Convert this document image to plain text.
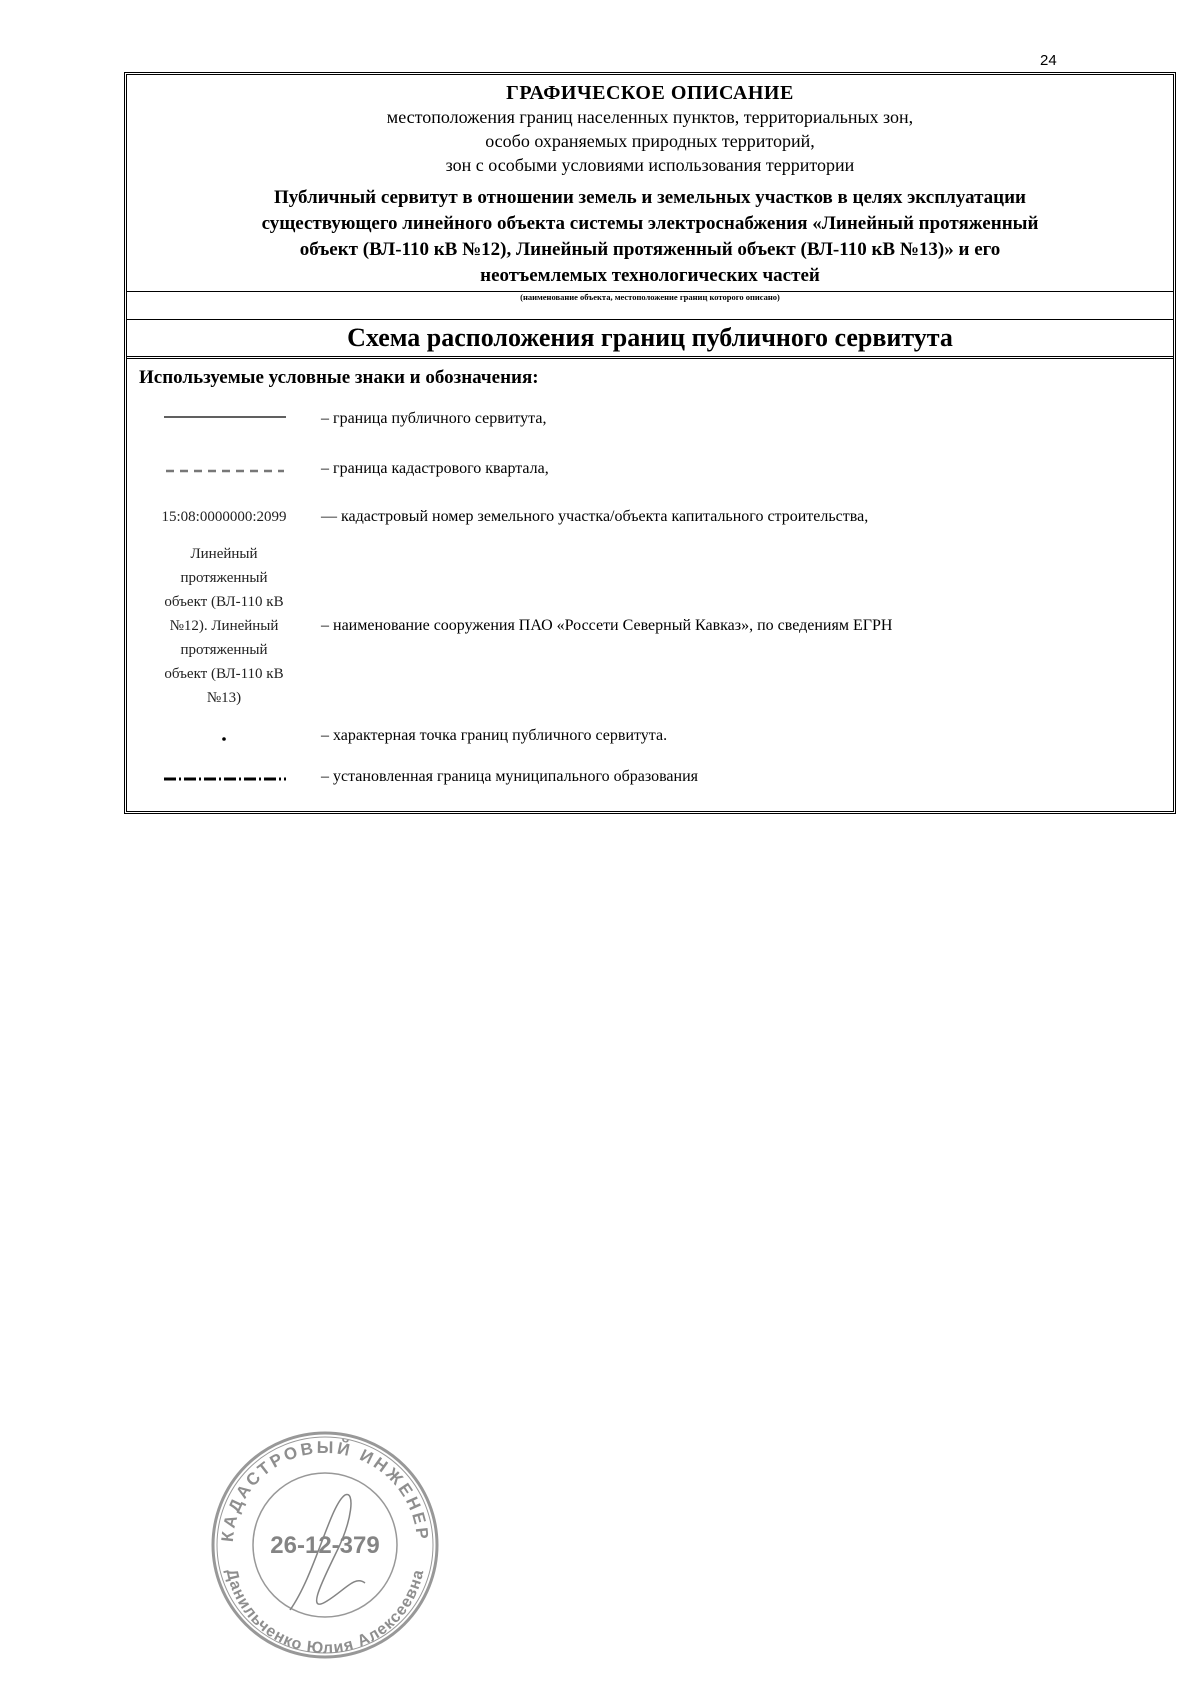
24
ГРАФИЧЕСКОЕ ОПИСАНИЕ
местоположения границ населенных пунктов, территориальных зон,
особо охраняемых природных территорий,
зон с особыми условиями использования территории
Публичный сервитут в отношении земель и земельных участков в целях эксплуатации
существующего линейного объекта системы электроснабжения «Линейный протяженный
объект (ВЛ-110 кВ №12), Линейный протяженный объект (ВЛ-110 кВ №13)» и его
неотъемлемых технологических частей
(наименование объекта, местоположение границ которого описано)
Схема расположения границ публичного сервитута
Используемые условные знаки и обозначения:
– граница публичного сервитута,
– граница кадастрового квартала,
15:08:0000000:2099	— кадастровый номер земельного участка/объекта капитального строительства,
Линейный
протяженный
объект (ВЛ-110 кВ
№12). Линейный
протяженный
объект (ВЛ-110 кВ
№13)
– наименование сооружения ПАО «Россети Северный Кавказ», по сведениям ЕГРН
– характерная точка границ публичного сервитута.
– установленная граница муниципального образования
КАДАСТРОВЫЙ ИНЖЕНЕР
Данильченко Юлия Алексеевна
26-12-379
